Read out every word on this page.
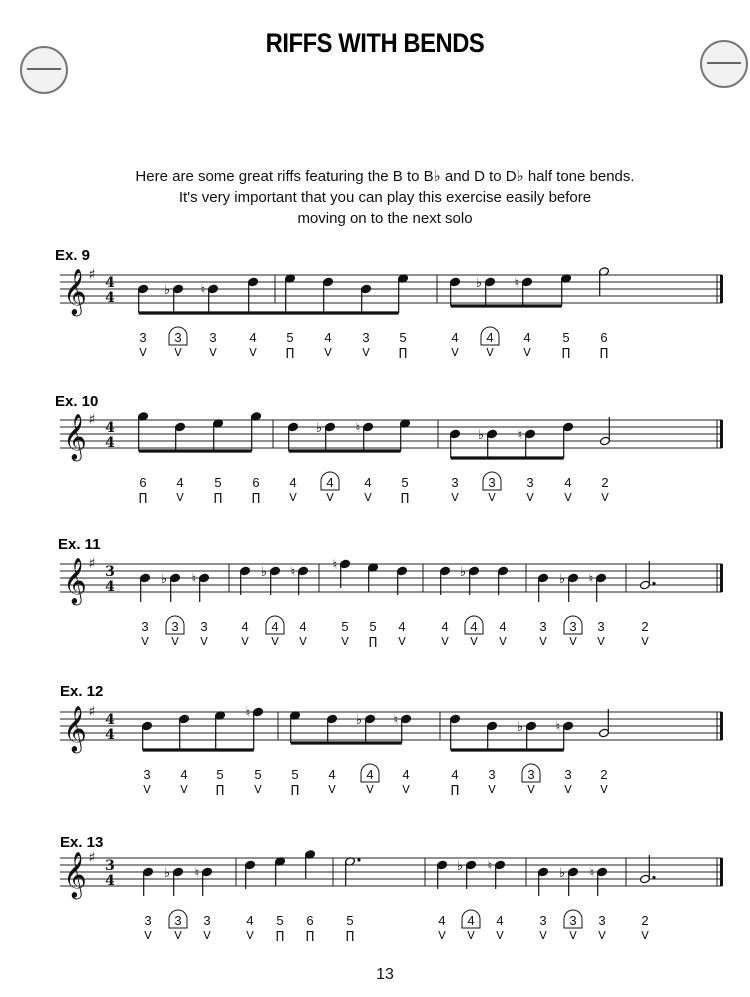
RIFFS WITH BENDS
Here are some great riffs featuring the B to B♭ and D to D♭ half tone bends.
It's very important that you can play this exercise easily before
moving on to the next solo
Ex. 9
Ex. 10
Ex. 11
Ex. 12
Ex. 13
𝄞 ♯ 4
4
3
V
♭
3
V
♮
3
V
4
V
5
∏
4
V
3
V
5
∏
4
V
♭
4
V
♮
4
V
5
∏
6
∏
𝄞 ♯ 4
4
6
∏
4
V
5
∏
6
∏
4
V
♭
4
V
♮
4
V
5
∏
3
V
♭
3
V
♮
3
V
4
V
2
V
𝄞 ♯ 3
4
3
V
♭
3
V
♮
3
V
4
V
♭
4
V
♮
4
V
♮
5
V
5
∏
4
V
4
V
♭
4
V
4
V
3
V
♭
3
V
♮
3
V
2
V
𝄞 ♯ 4
4
3
V
4
V
5
∏
♮
5
V
5
∏
4
V
♭
4
V
♮
4
V
4
∏
3
V
♭
3
V
♮
3
V
2
V
𝄞 ♯ 3
4
3
V
♭
3
V
♮
3
V
4
V
5
∏
6
∏
5
∏
4
V
♭
4
V
♮
4
V
3
V
♭
3
V
♮
3
V
2
V
13
